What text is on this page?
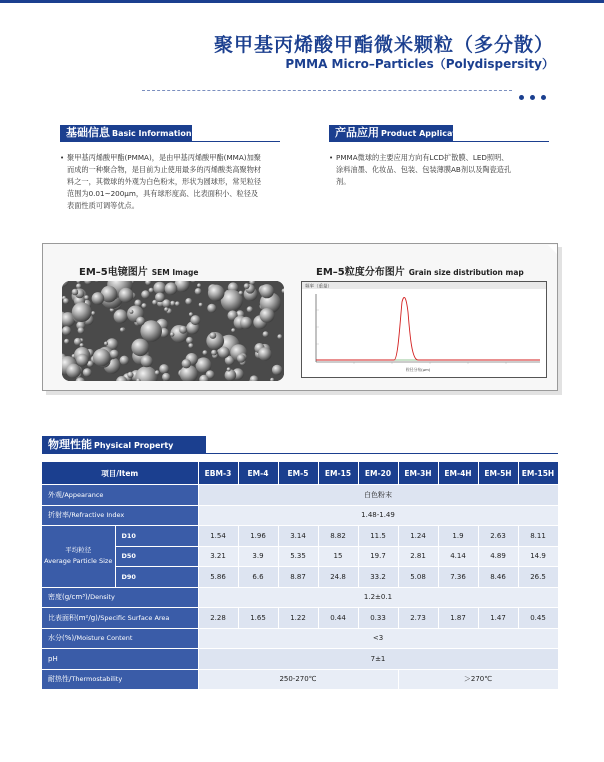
聚甲基丙烯酸甲酯微米颗粒（多分散）
PMMA Micro–Particles（Polydispersity）
基础信息 Basic Information
• 聚甲基丙烯酸甲酯(PMMA)，是由甲基丙烯酸甲酯(MMA)加聚而成的一种聚合物，是目前为止使用最多的丙烯酸类高聚物材料之一，其微球的外观为白色粉末，形状为圆球形，常见粒径范围为0.01~200μm，具有球形度高、比表面积小、粒径及表面性质可调等优点。
产品应用 Product Application
• PMMA微球的主要应用方向有LCD扩散膜、LED照明、涂料油墨、化妆品、包装、包装薄膜AB剂以及陶瓷造孔剂。
EM–5电镜图片 SEM Image	EM–5粒度分布图片 Grain size distribution map
频率（重量）
粒径分布(μm)
物理性能 Physical Property
项目/Item		EBM-3	EM-4	EM-5	EM-15	EM-20	EM-3H	EM-4H	EM-5H	EM-15H
外观/Appearance		白色粉末								
折射率/Refractive Index		1.48-1.49								
平均粒径
Average Particle Size	D10	1.54	1.96	3.14	8.82	11.5	1.24	1.9	2.63	8.11
	D50	3.21	3.9	5.35	15	19.7	2.81	4.14	4.89	14.9
	D90	5.86	6.6	8.87	24.8	33.2	5.08	7.36	8.46	26.5
密度(g/cm³)/Density		1.2±0.1								
比表面积(m²/g)/Specific Surface Area		2.28	1.65	1.22	0.44	0.33	2.73	1.87	1.47	0.45
水分(%)/Moisture Content		<3								
pH		7±1								
耐热性/Thermostability		250-270℃					＞270℃			
